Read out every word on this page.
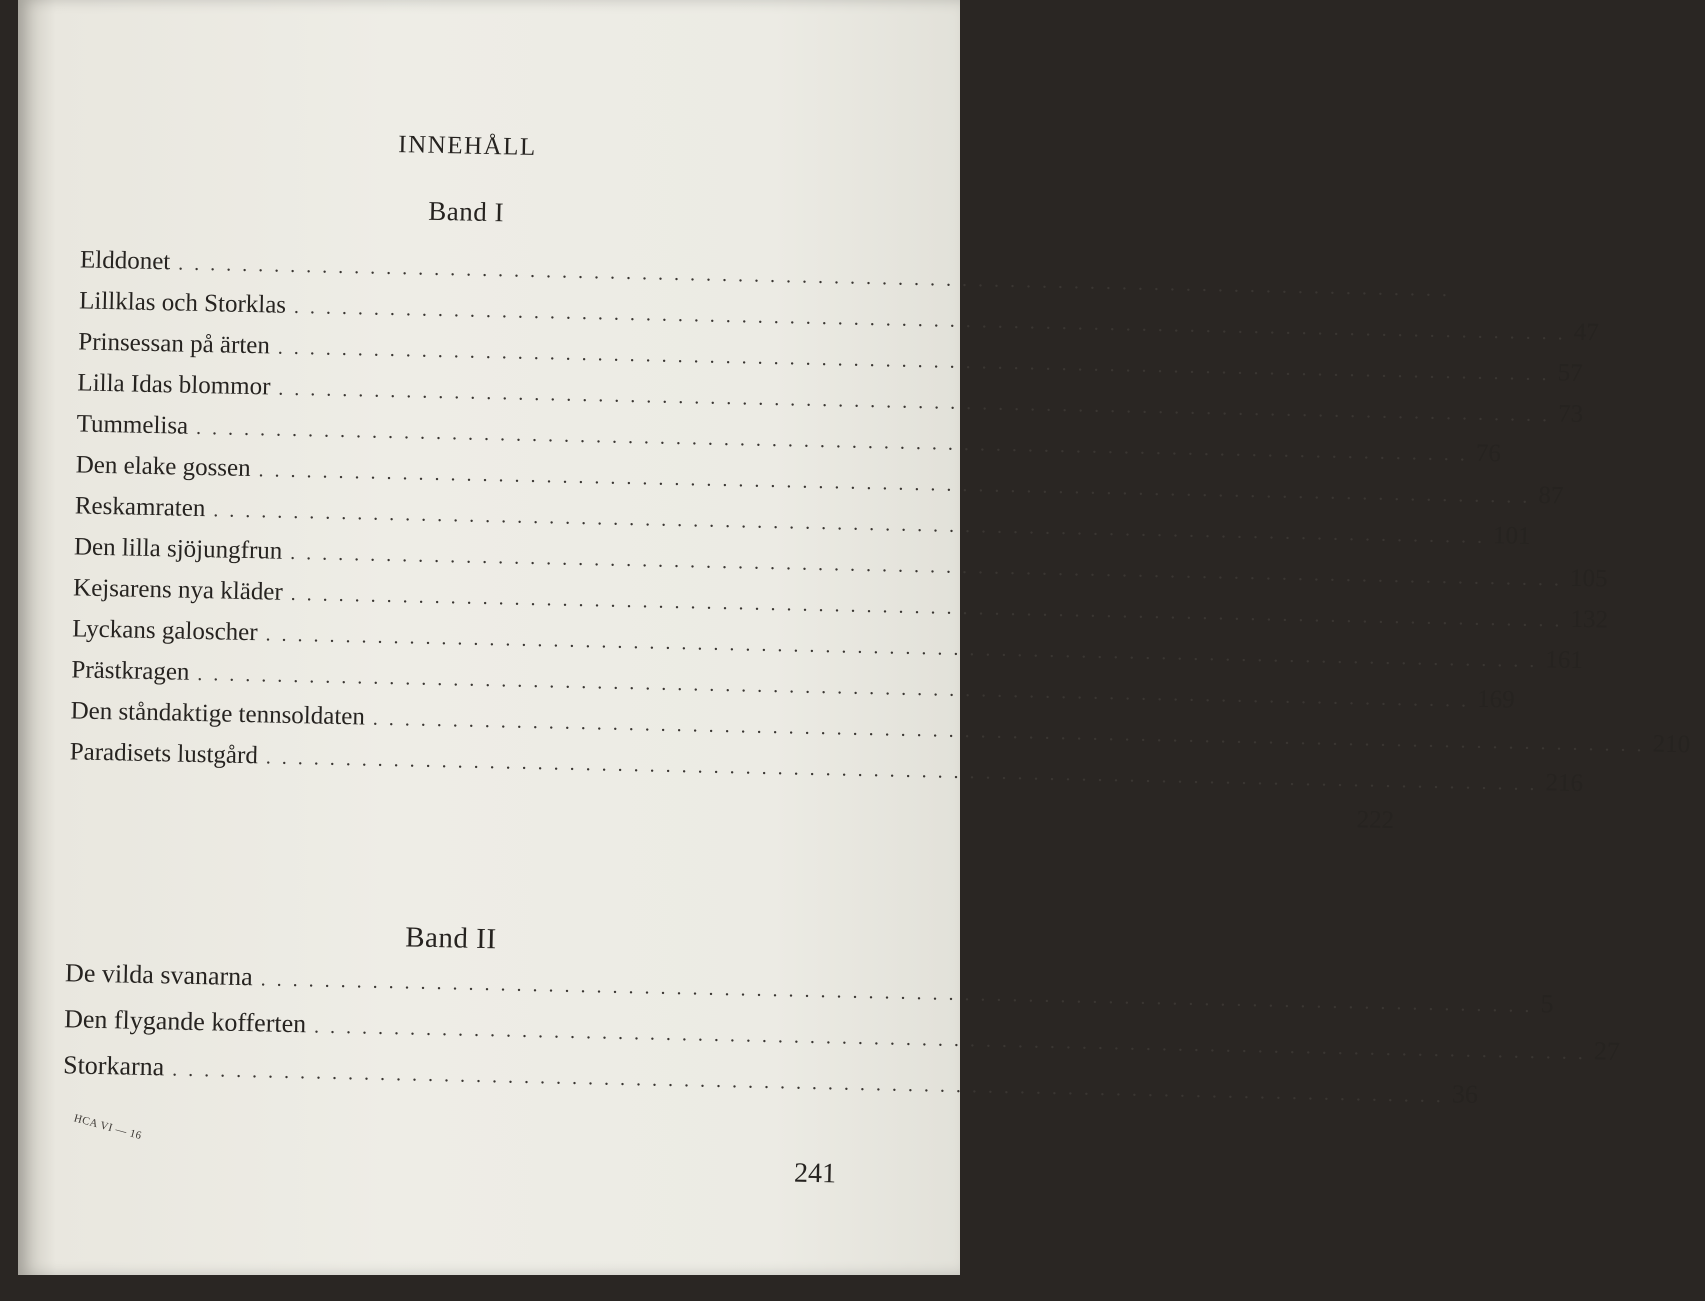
INNEHÅLL
Band I
Elddonet . . . . . . . . . . . . . . . . . . . . . . . . . . . . . . . . . . . . . . . . . . . . . . . . . . . . . . . . . . . . . . . . . . . . . . . . . . . . . . . .
Lillklas och Storklas . . . . . . . . . . . . . . . . . . . . . . . . . . . . . . . . . . . . . . . . . . . . . . . . . . . . . . . . . . . . . . . . . . . . . . . . . . . . . . . . 47
Prinsessan på ärten . . . . . . . . . . . . . . . . . . . . . . . . . . . . . . . . . . . . . . . . . . . . . . . . . . . . . . . . . . . . . . . . . . . . . . . . . . . . . . . . 57
Lilla Idas blommor . . . . . . . . . . . . . . . . . . . . . . . . . . . . . . . . . . . . . . . . . . . . . . . . . . . . . . . . . . . . . . . . . . . . . . . . . . . . . . . . 73
Tummelisa . . . . . . . . . . . . . . . . . . . . . . . . . . . . . . . . . . . . . . . . . . . . . . . . . . . . . . . . . . . . . . . . . . . . . . . . . . . . . . . . 76
Den elake gossen . . . . . . . . . . . . . . . . . . . . . . . . . . . . . . . . . . . . . . . . . . . . . . . . . . . . . . . . . . . . . . . . . . . . . . . . . . . . . . . . 87
Reskamraten . . . . . . . . . . . . . . . . . . . . . . . . . . . . . . . . . . . . . . . . . . . . . . . . . . . . . . . . . . . . . . . . . . . . . . . . . . . . . . . . 101
Den lilla sjöjungfrun . . . . . . . . . . . . . . . . . . . . . . . . . . . . . . . . . . . . . . . . . . . . . . . . . . . . . . . . . . . . . . . . . . . . . . . . . . . . . . . . 105
Kejsarens nya kläder . . . . . . . . . . . . . . . . . . . . . . . . . . . . . . . . . . . . . . . . . . . . . . . . . . . . . . . . . . . . . . . . . . . . . . . . . . . . . . . . 132
Lyckans galoscher . . . . . . . . . . . . . . . . . . . . . . . . . . . . . . . . . . . . . . . . . . . . . . . . . . . . . . . . . . . . . . . . . . . . . . . . . . . . . . . . 161
Prästkragen . . . . . . . . . . . . . . . . . . . . . . . . . . . . . . . . . . . . . . . . . . . . . . . . . . . . . . . . . . . . . . . . . . . . . . . . . . . . . . . . 169
Den ståndaktige tennsoldaten . . . . . . . . . . . . . . . . . . . . . . . . . . . . . . . . . . . . . . . . . . . . . . . . . . . . . . . . . . . . . . . . . . . . . . . . . . . . . . . . 210
Paradisets lustgård . . . . . . . . . . . . . . . . . . . . . . . . . . . . . . . . . . . . . . . . . . . . . . . . . . . . . . . . . . . . . . . . . . . . . . . . . . . . . . . . 216
222
Band II
De vilda svanarna . . . . . . . . . . . . . . . . . . . . . . . . . . . . . . . . . . . . . . . . . . . . . . . . . . . . . . . . . . . . . . . . . . . . . . . . . . . . . . . . 5
Den flygande kofferten . . . . . . . . . . . . . . . . . . . . . . . . . . . . . . . . . . . . . . . . . . . . . . . . . . . . . . . . . . . . . . . . . . . . . . . . . . . . . . . . 27
Storkarna . . . . . . . . . . . . . . . . . . . . . . . . . . . . . . . . . . . . . . . . . . . . . . . . . . . . . . . . . . . . . . . . . . . . . . . . . . . . . . . . 36
HCA VI — 16
241
